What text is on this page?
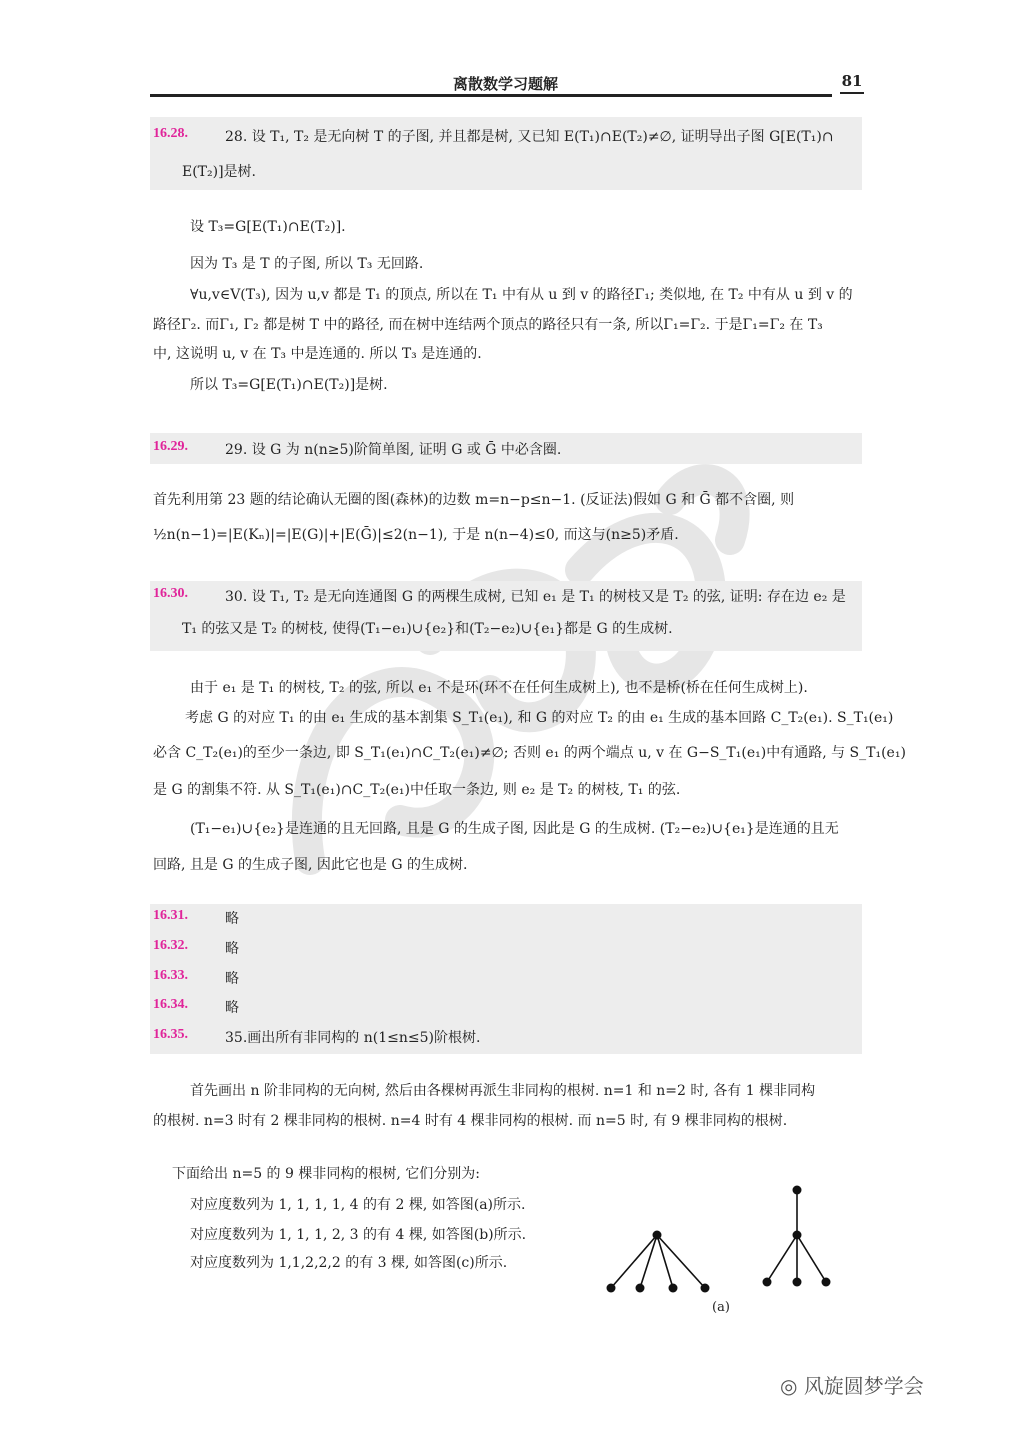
离散数学习题解	81
16.28.	28. 设 T₁, T₂ 是无向树 T 的子图, 并且都是树, 又已知 E(T₁)∩E(T₂)≠∅, 证明导出子图 G[E(T₁)∩
E(T₂)]是树.
设 T₃=G[E(T₁)∩E(T₂)].
因为 T₃ 是 T 的子图, 所以 T₃ 无回路.
∀u,v∈V(T₃), 因为 u,v 都是 T₁ 的顶点, 所以在 T₁ 中有从 u 到 v 的路径Γ₁; 类似地, 在 T₂ 中有从 u 到 v 的
路径Γ₂. 而Γ₁, Γ₂ 都是树 T 中的路径, 而在树中连结两个顶点的路径只有一条, 所以Γ₁=Γ₂. 于是Γ₁=Γ₂ 在 T₃
中, 这说明 u, v 在 T₃ 中是连通的. 所以 T₃ 是连通的.
所以 T₃=G[E(T₁)∩E(T₂)]是树.
16.29.	29. 设 G 为 n(n≥5)阶简单图, 证明 G 或 Ḡ 中必含圈.
首先利用第 23 题的结论确认无圈的图(森林)的边数 m=n−p≤n−1. (反证法)假如 G 和 Ḡ 都不含圈, 则
½n(n−1)=|E(Kₙ)|=|E(G)|+|E(Ḡ)|≤2(n−1), 于是 n(n−4)≤0, 而这与(n≥5)矛盾.
16.30.	30. 设 T₁, T₂ 是无向连通图 G 的两棵生成树, 已知 e₁ 是 T₁ 的树枝又是 T₂ 的弦, 证明: 存在边 e₂ 是
T₁ 的弦又是 T₂ 的树枝, 使得(T₁−e₁)∪{e₂}和(T₂−e₂)∪{e₁}都是 G 的生成树.
由于 e₁ 是 T₁ 的树枝, T₂ 的弦, 所以 e₁ 不是环(环不在任何生成树上), 也不是桥(桥在任何生成树上).
考虑 G 的对应 T₁ 的由 e₁ 生成的基本割集 S_T₁(e₁), 和 G 的对应 T₂ 的由 e₁ 生成的基本回路 C_T₂(e₁). S_T₁(e₁)
必含 C_T₂(e₁)的至少一条边, 即 S_T₁(e₁)∩C_T₂(e₁)≠∅; 否则 e₁ 的两个端点 u, v 在 G−S_T₁(e₁)中有通路, 与 S_T₁(e₁)
是 G 的割集不符. 从 S_T₁(e₁)∩C_T₂(e₁)中任取一条边, 则 e₂ 是 T₂ 的树枝, T₁ 的弦.
(T₁−e₁)∪{e₂}是连通的且无回路, 且是 G 的生成子图, 因此是 G 的生成树. (T₂−e₂)∪{e₁}是连通的且无
回路, 且是 G 的生成子图, 因此它也是 G 的生成树.
16.31.	略
16.32.	略
16.33.	略
16.34.	略
16.35.	35.画出所有非同构的 n(1≤n≤5)阶根树.
首先画出 n 阶非同构的无向树, 然后由各棵树再派生非同构的根树. n=1 和 n=2 时, 各有 1 棵非同构
的根树. n=3 时有 2 棵非同构的根树. n=4 时有 4 棵非同构的根树. 而 n=5 时, 有 9 棵非同构的根树.
下面给出 n=5 的 9 棵非同构的根树, 它们分别为:
对应度数列为 1, 1, 1, 1, 4 的有 2 棵, 如答图(a)所示.
对应度数列为 1, 1, 1, 2, 3 的有 4 棵, 如答图(b)所示.
对应度数列为 1,1,2,2,2 的有 3 棵, 如答图(c)所示.
(a)
◎ 风旋圆梦学会
